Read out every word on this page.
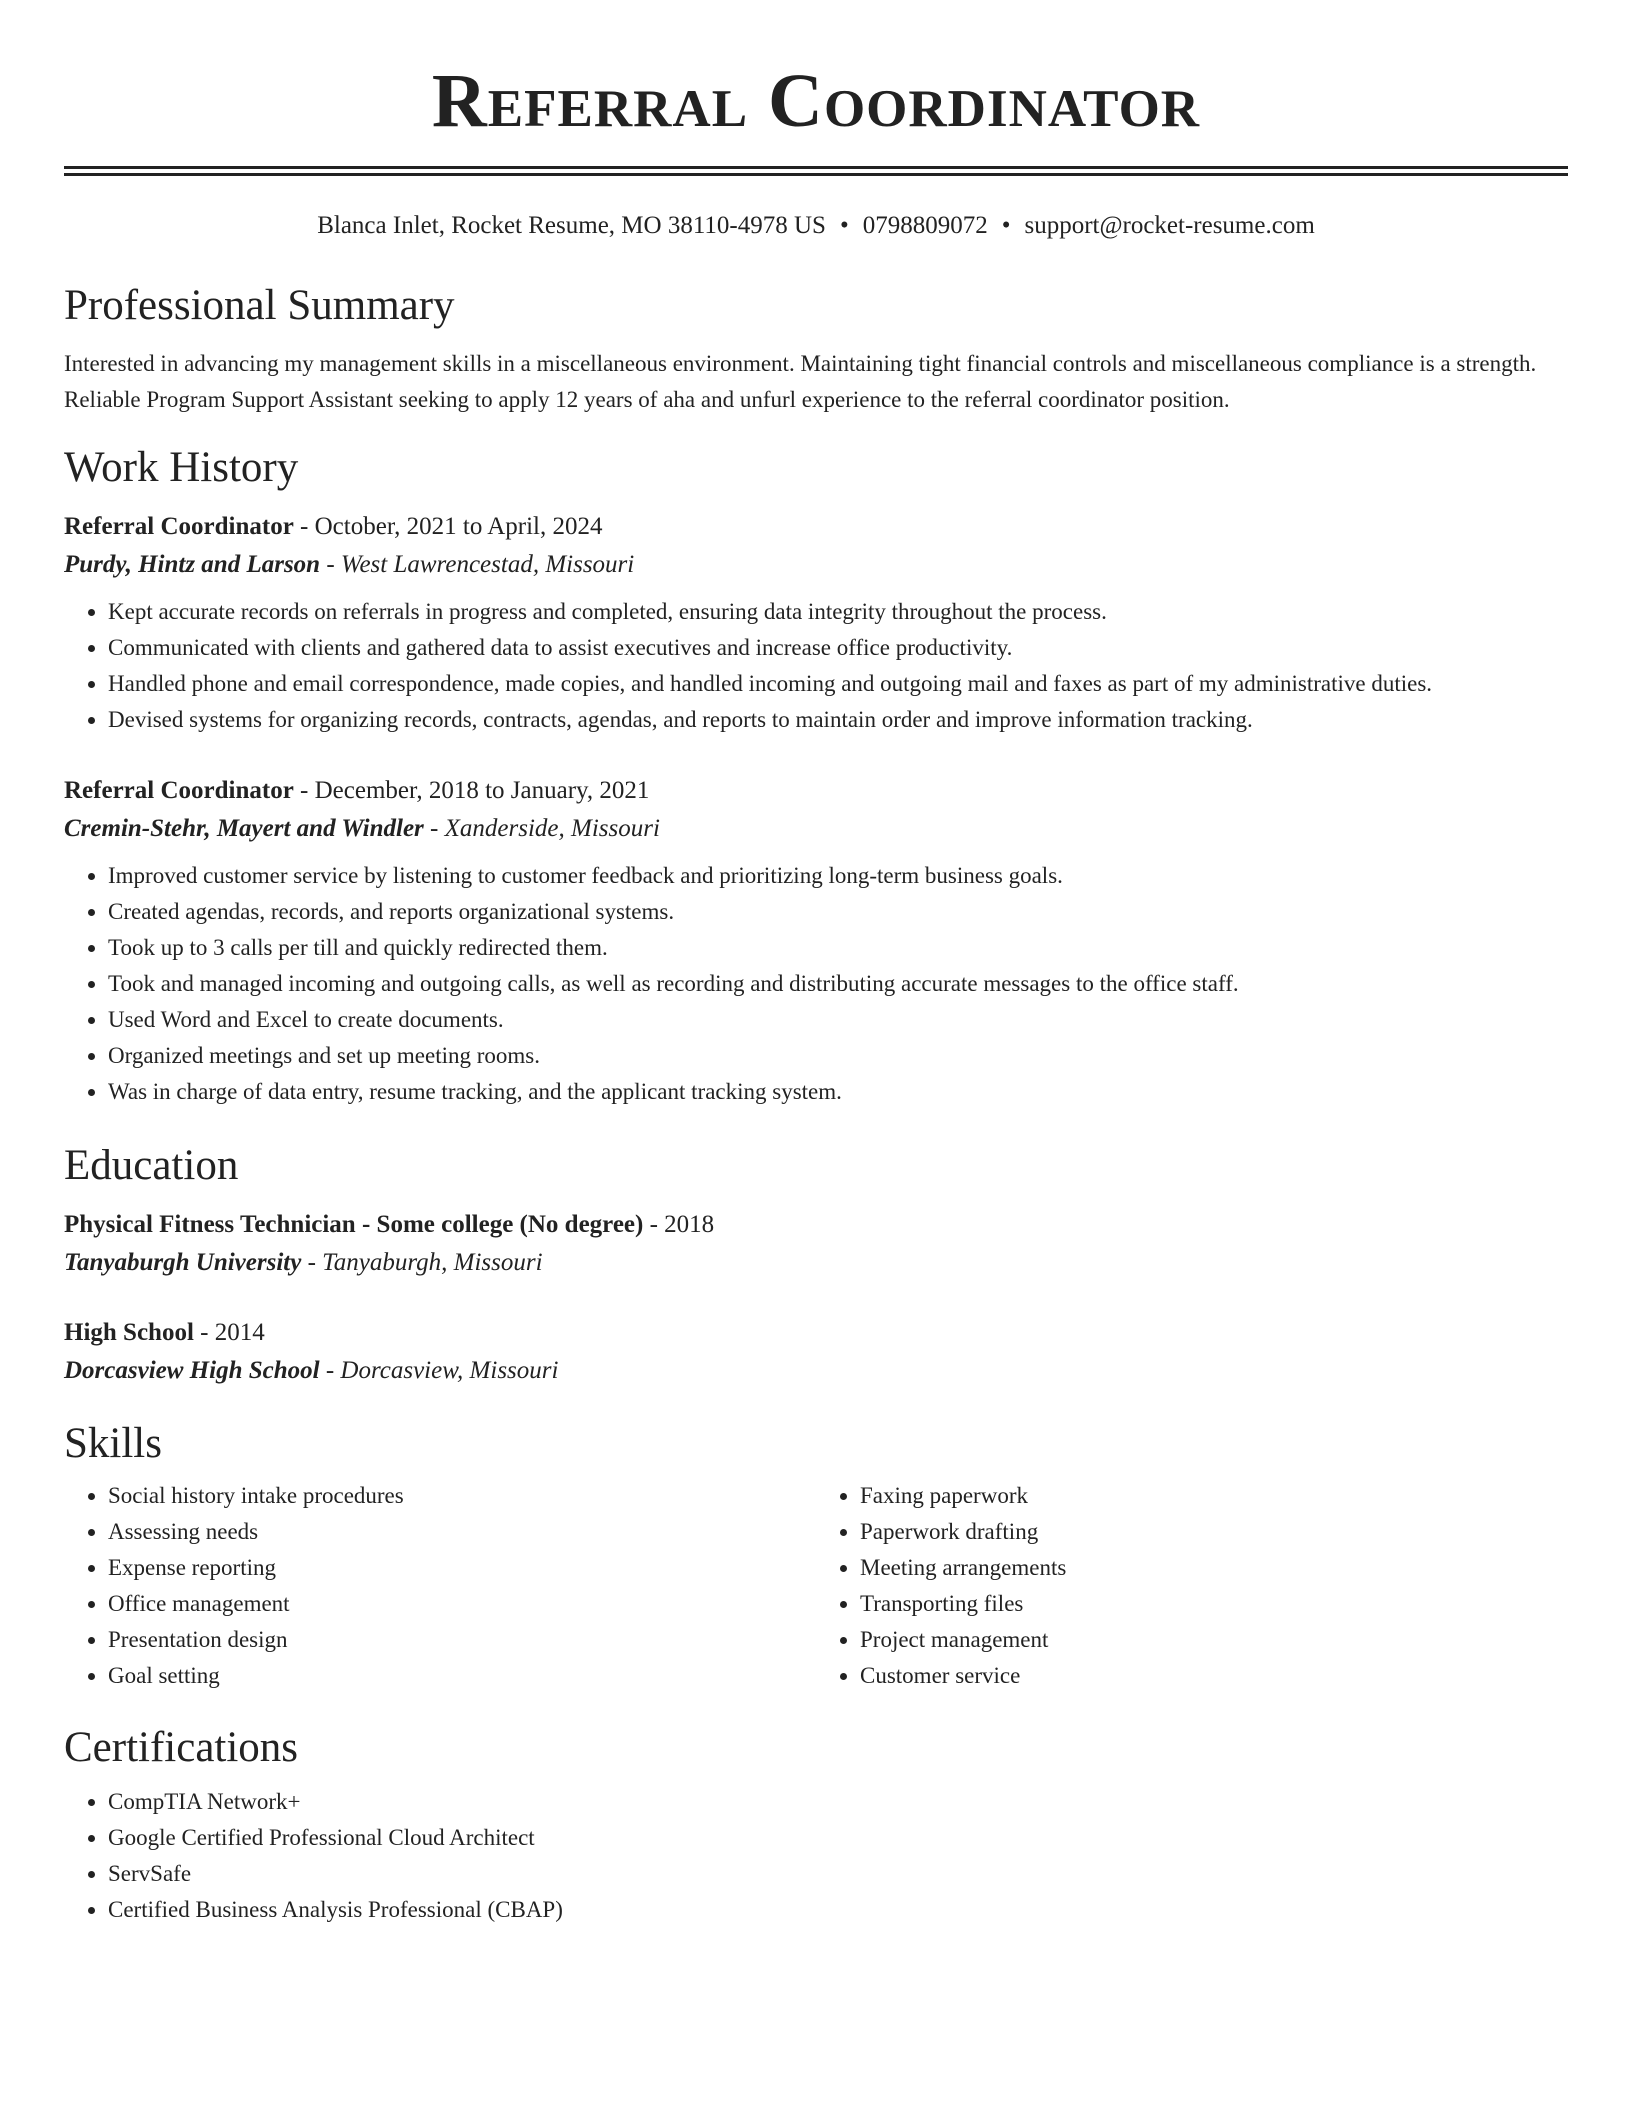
Referral Coordinator
Blanca Inlet, Rocket Resume, MO 38110-4978 US • 0798809072 • support@rocket-resume.com
Professional Summary
Interested in advancing my management skills in a miscellaneous environment. Maintaining tight financial controls and miscellaneous compliance is a strength. Reliable Program Support Assistant seeking to apply 12 years of aha and unfurl experience to the referral coordinator position.
Work History
Referral Coordinator - October, 2021 to April, 2024
Purdy, Hintz and Larson - West Lawrencestad, Missouri
• Kept accurate records on referrals in progress and completed, ensuring data integrity throughout the process.
• Communicated with clients and gathered data to assist executives and increase office productivity.
• Handled phone and email correspondence, made copies, and handled incoming and outgoing mail and faxes as part of my administrative duties.
• Devised systems for organizing records, contracts, agendas, and reports to maintain order and improve information tracking.
Referral Coordinator - December, 2018 to January, 2021
Cremin-Stehr, Mayert and Windler - Xanderside, Missouri
• Improved customer service by listening to customer feedback and prioritizing long-term business goals.
• Created agendas, records, and reports organizational systems.
• Took up to 3 calls per till and quickly redirected them.
• Took and managed incoming and outgoing calls, as well as recording and distributing accurate messages to the office staff.
• Used Word and Excel to create documents.
• Organized meetings and set up meeting rooms.
• Was in charge of data entry, resume tracking, and the applicant tracking system.
Education
Physical Fitness Technician - Some college (No degree) - 2018
Tanyaburgh University - Tanyaburgh, Missouri
High School - 2014
Dorcasview High School - Dorcasview, Missouri
Skills
• Social history intake procedures
• Assessing needs
• Expense reporting
• Office management
• Presentation design
• Goal setting
• Faxing paperwork
• Paperwork drafting
• Meeting arrangements
• Transporting files
• Project management
• Customer service
Certifications
• CompTIA Network+
• Google Certified Professional Cloud Architect
• ServSafe
• Certified Business Analysis Professional (CBAP)
